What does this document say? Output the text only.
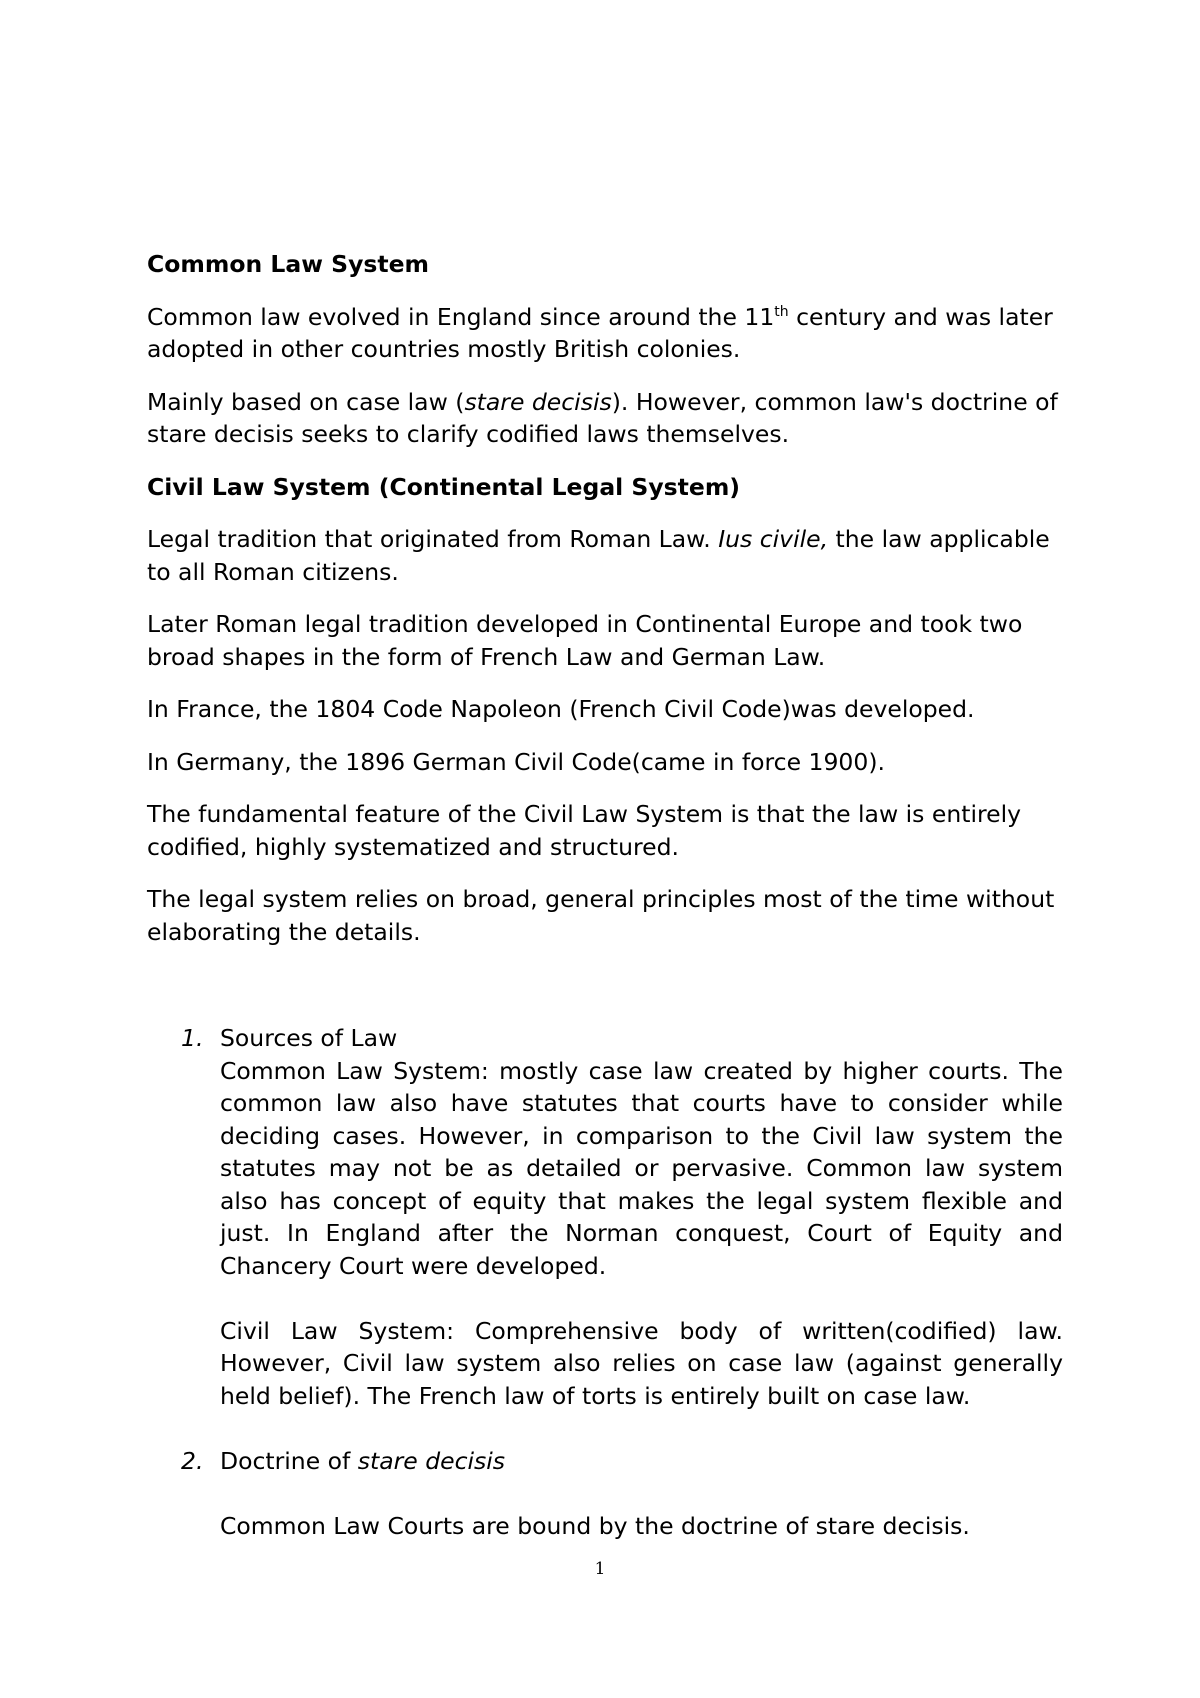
Common Law System

Common law evolved in England since around the 11th century and was later adopted in other countries mostly British colonies.

Mainly based on case law (stare decisis). However, common law's doctrine of stare decisis seeks to clarify codified laws themselves.

Civil Law System (Continental Legal System)

Legal tradition that originated from Roman Law. Ius civile, the law applicable to all Roman citizens.

Later Roman legal tradition developed in Continental Europe and took two broad shapes in the form of French Law and German Law.

In France, the 1804 Code Napoleon (French Civil Code)was developed.

In Germany, the 1896 German Civil Code(came in force 1900).

The fundamental feature of the Civil Law System is that the law is entirely codified, highly systematized and structured.

The legal system relies on broad, general principles most of the time without elaborating the details.

1. Sources of Law
Common Law System: mostly case law created by higher courts. The common law also have statutes that courts have to consider while deciding cases. However, in comparison to the Civil law system the statutes may not be as detailed or pervasive. Common law system also has concept of equity that makes the legal system flexible and just. In England after the Norman conquest, Court of Equity and Chancery Court were developed.
Civil Law System: Comprehensive body of written(codified) law. However, Civil law system also relies on case law (against generally held belief). The French law of torts is entirely built on case law.
2. Doctrine of stare decisis
Common Law Courts are bound by the doctrine of stare decisis.
1
